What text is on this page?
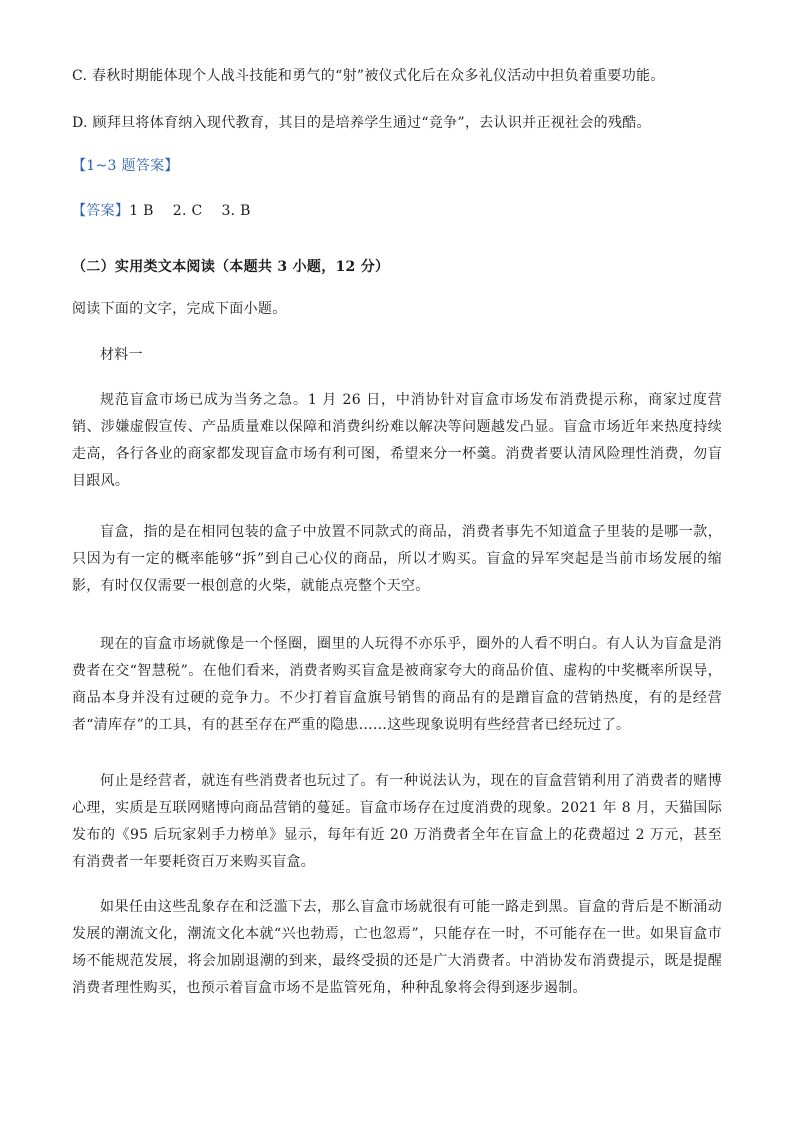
C. 春秋时期能体现个人战斗技能和勇气的“射”被仪式化后在众多礼仪活动中担负着重要功能。
D. 顾拜旦将体育纳入现代教育，其目的是培养学生通过“竞争”，去认识并正视社会的残酷。
【1~3 题答案】
【答案】1 B    2. C    3. B
（二）实用类文本阅读（本题共 3 小题，12 分）
阅读下面的文字，完成下面小题。
材料一

规范盲盒市场已成为当务之急。1 月 26 日，中消协针对盲盒市场发布消费提示称，商家过度营销、涉嫌虚假宣传、产品质量难以保障和消费纠纷难以解决等问题越发凸显。盲盒市场近年来热度持续走高，各行各业的商家都发现盲盒市场有利可图，希望来分一杯羹。消费者要认清风险理性消费，勿盲目跟风。

盲盒，指的是在相同包装的盒子中放置不同款式的商品，消费者事先不知道盒子里装的是哪一款，只因为有一定的概率能够“拆”到自己心仪的商品，所以才购买。盲盒的异军突起是当前市场发展的缩影，有时仅仅需要一根创意的火柴，就能点亮整个天空。

现在的盲盒市场就像是一个怪圈，圈里的人玩得不亦乐乎，圈外的人看不明白。有人认为盲盒是消费者在交“智慧税”。在他们看来，消费者购买盲盒是被商家夸大的商品价值、虚构的中奖概率所误导，商品本身并没有过硬的竞争力。不少打着盲盒旗号销售的商品有的是蹭盲盒的营销热度，有的是经营者“清库存”的工具，有的甚至存在严重的隐患……这些现象说明有些经营者已经玩过了。

何止是经营者，就连有些消费者也玩过了。有一种说法认为，现在的盲盒营销利用了消费者的赌博心理，实质是互联网赌博向商品营销的蔓延。盲盒市场存在过度消费的现象。2021 年 8 月，天猫国际发布的《95 后玩家剁手力榜单》显示，每年有近 20 万消费者全年在盲盒上的花费超过 2 万元，甚至有消费者一年要耗资百万来购买盲盒。

如果任由这些乱象存在和泛滥下去，那么盲盒市场就很有可能一路走到黑。盲盒的背后是不断涌动发展的潮流文化，潮流文化本就“兴也勃焉，亡也忽焉”，只能存在一时，不可能存在一世。如果盲盒市场不能规范发展，将会加剧退潮的到来，最终受损的还是广大消费者。中消协发布消费提示，既是提醒消费者理性购买，也预示着盲盒市场不是监管死角，种种乱象将会得到逐步遏制。
